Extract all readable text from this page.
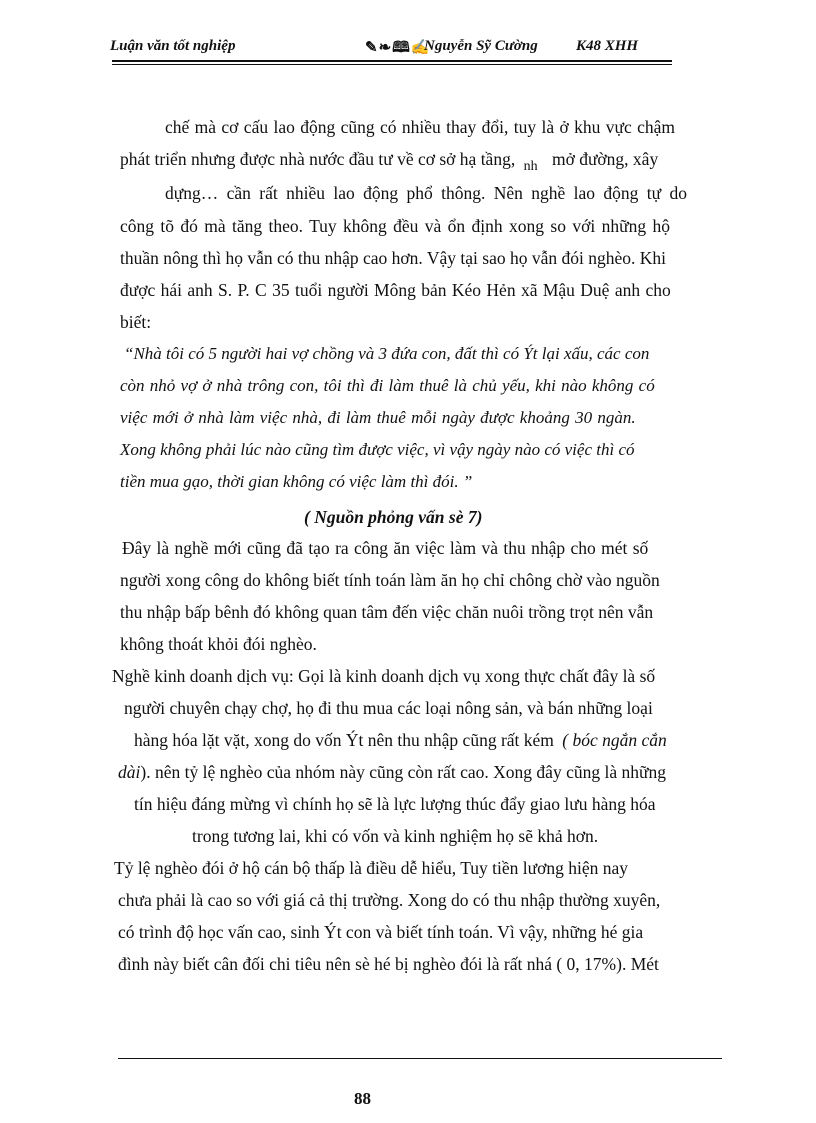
Luận văn tốt nghiệp	✎❧🕮✍
Nguyễn Sỹ Cường	K48 XHH
chế mà cơ cấu lao động cũng có nhiều thay đổi, tuy là ở khu vực chậm
phát triển nhưng được nhà nước đầu tư về cơ sở hạ tầng, $_{nh}$ mở đường, xây
dựng… cần rất nhiều lao động phổ thông. Nên nghề lao động tự do
công tõ đó mà tăng theo. Tuy không đều và ổn định xong so với những hộ
thuần nông thì họ vẫn có thu nhập cao hơn. Vậy tại sao họ vẫn đói nghèo. Khi
được hái anh S. P. C 35 tuổi người Mông bản Kéo Hẻn xã Mậu Duệ anh cho
biết:
“Nhà tôi có 5 người hai vợ chồng và 3 đứa con, đất thì có Ýt lại xấu, các con
còn nhỏ vợ ở nhà trông con, tôi thì đi làm thuê là chủ yếu, khi nào không có
việc mới ở nhà làm việc nhà, đi làm thuê mỗi ngày được khoảng 30 ngàn.
Xong không phải lúc nào cũng tìm được việc, vì vậy ngày nào có việc thì có
tiền mua gạo, thời gian không có việc làm thì đói. ”
( Nguồn phỏng vấn sè 7)
Đây là nghề mới cũng đã tạo ra công ăn việc làm và thu nhập cho mét số
người xong công do không biết tính toán làm ăn họ chỉ chông chờ vào nguồn
thu nhập bấp bênh đó không quan tâm đến việc chăn nuôi trồng trọt nên vẫn
không thoát khỏi đói nghèo.
Nghề kinh doanh dịch vụ: Gọi là kinh doanh dịch vụ xong thực chất đây là số
người chuyên chạy chợ, họ đi thu mua các loại nông sản, và bán những loại
hàng hóa lặt vặt, xong do vốn Ýt nên thu nhập cũng rất kém ( bóc ngắn cắn
dài). nên tỷ lệ nghèo của nhóm này cũng còn rất cao. Xong đây cũng là những
tín hiệu đáng mừng vì chính họ sẽ là lực lượng thúc đẩy giao lưu hàng hóa
trong tương lai, khi có vốn và kinh nghiệm họ sẽ khả hơn.
Tỷ lệ nghèo đói ở hộ cán bộ thấp là điều dễ hiểu, Tuy tiền lương hiện nay
chưa phải là cao so với giá cả thị trường. Xong do có thu nhập thường xuyên,
có trình độ học vấn cao, sinh Ýt con và biết tính toán. Vì vậy, những hé gia
đình này biết cân đối chi tiêu nên sè hé bị nghèo đói là rất nhá ( 0, 17%). Mét
88
